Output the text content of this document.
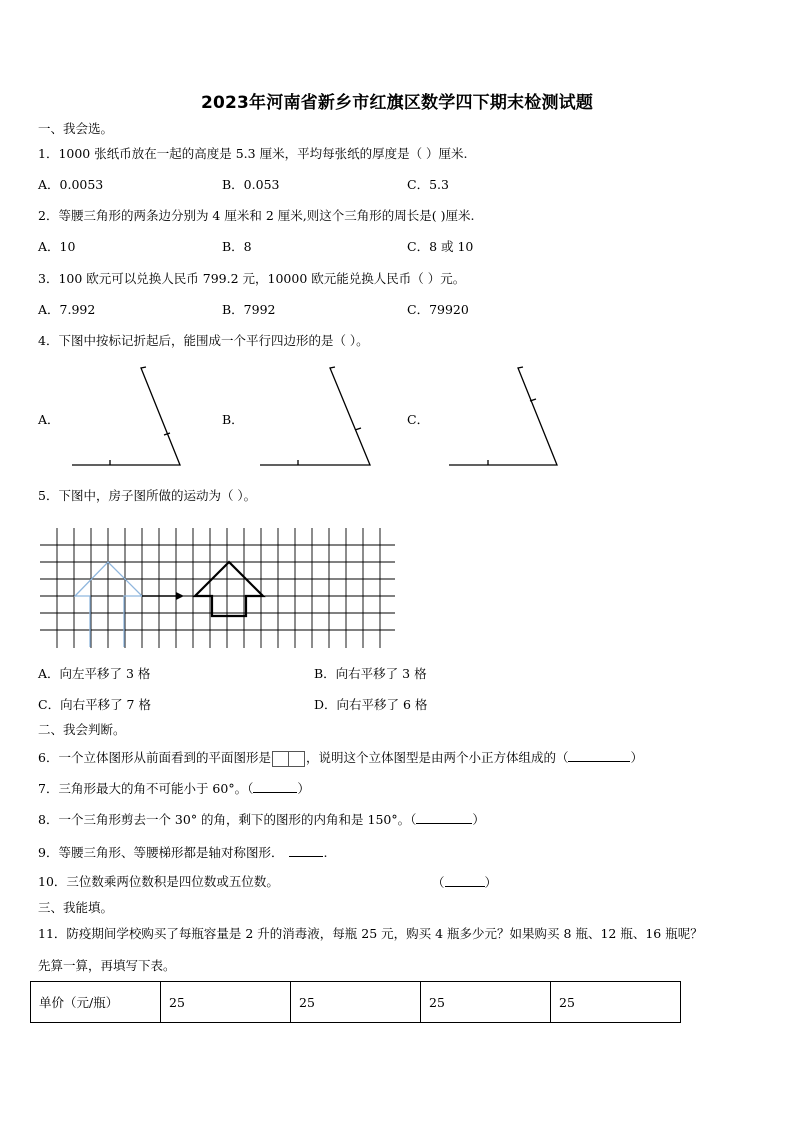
2023年河南省新乡市红旗区数学四下期末检测试题
一、我会选。
1．1000 张纸币放在一起的高度是 5.3 厘米，平均每张纸的厚度是（ ）厘米.
A．0.0053	B．0.053	C．5.3
2．等腰三角形的两条边分别为 4 厘米和 2 厘米,则这个三角形的周长是( )厘米.
A．10	B．8	C．8 或 10
3．100 欧元可以兑换人民币 799.2 元，10000 欧元能兑换人民币（ ）元。
A．7.992	B．7992	C．79920
4．下图中按标记折起后，能围成一个平行四边形的是（ ）。
A．	B．	C．
5．下图中，房子图所做的运动为（ ）。
A．向左平移了 3 格	B．向右平移了 3 格
C．向右平移了 7 格	D．向右平移了 6 格
二、我会判断。
6．一个立体图形从前面看到的平面图形是	，说明这个立体图型是由两个小正方体组成的（	）
7．三角形最大的角不可能小于 60°。（	）
8．一个三角形剪去一个 30° 的角，剩下的图形的内角和是 150°。（	）
9．等腰三角形、等腰梯形都是轴对称图形．	.
10．三位数乘两位数积是四位数或五位数。	（	）
三、我能填。
11．防疫期间学校购买了每瓶容量是 2 升的消毒液，每瓶 25 元，购买 4 瓶多少元？如果购买 8 瓶、12 瓶、16 瓶呢？
先算一算，再填写下表。
单价（元/瓶）	25	25	25	25
